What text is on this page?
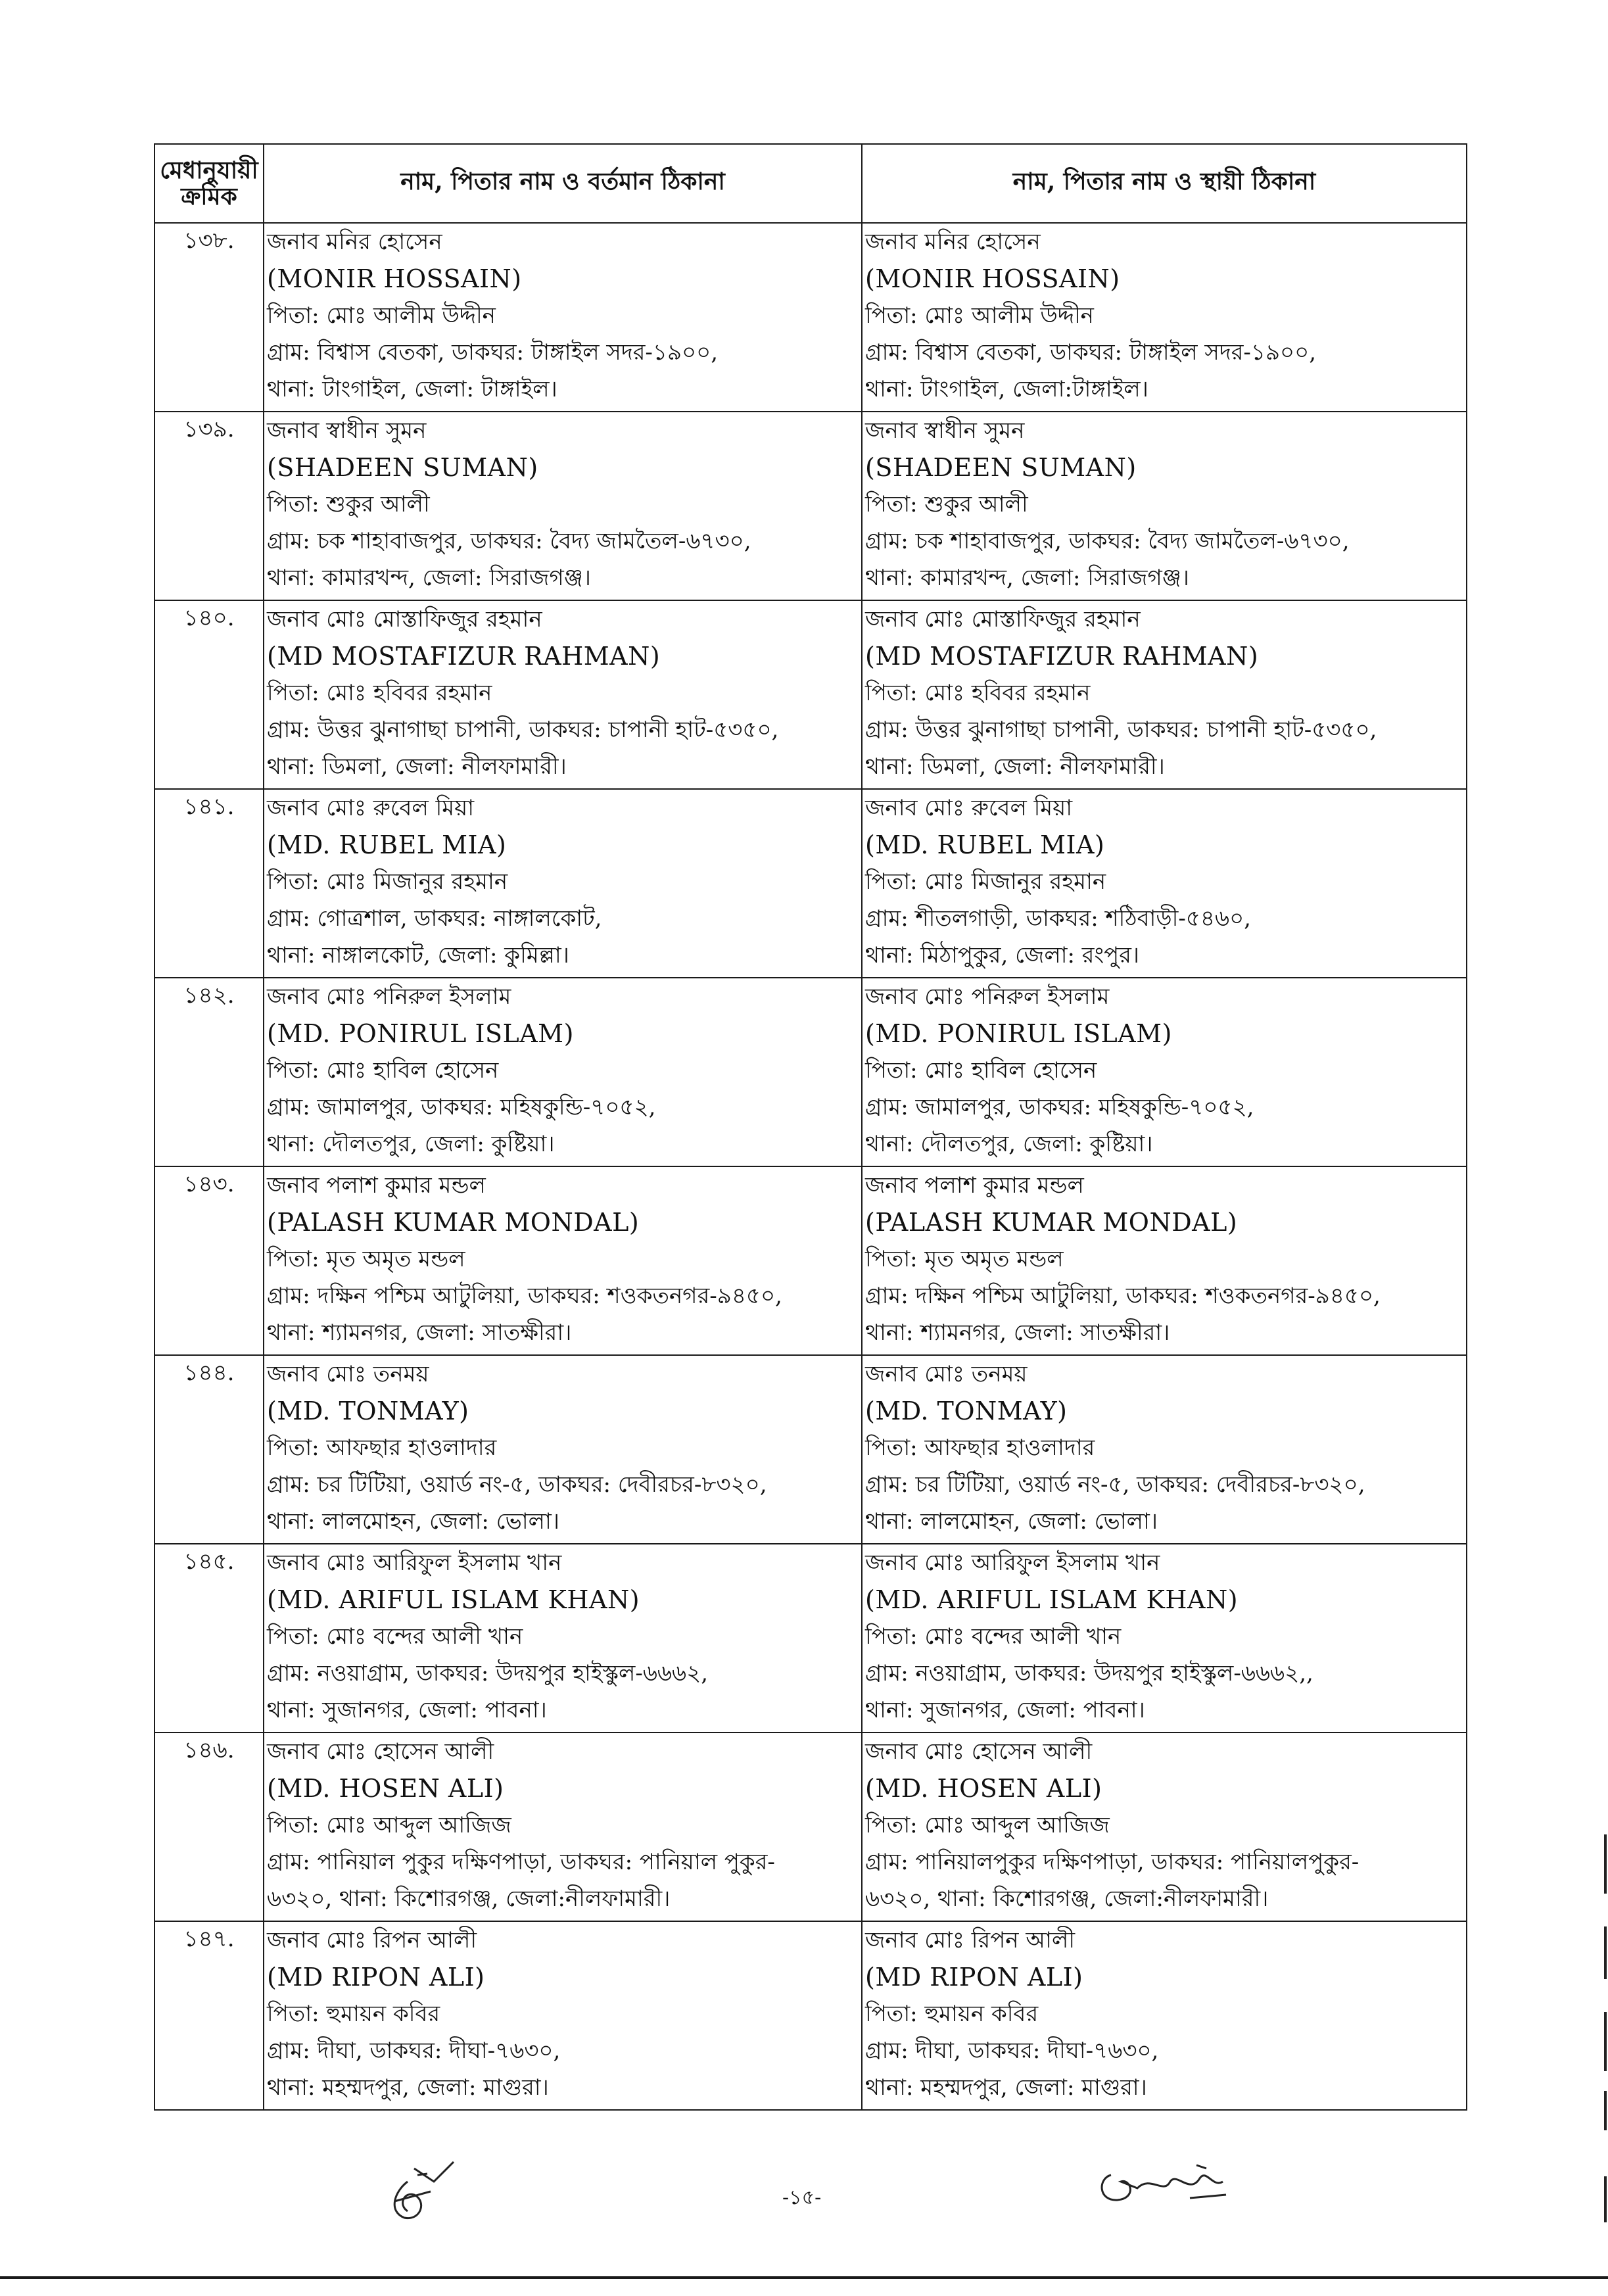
মেধানুযায়ী ক্রমিক	নাম, পিতার নাম ও বর্তমান ঠিকানা	নাম, পিতার নাম ও স্থায়ী ঠিকানা
১৩৮.	জনাব মনির হোসেন
(MONIR HOSSAIN)
পিতা: মোঃ আলীম উদ্দীন
গ্রাম: বিশ্বাস বেতকা, ডাকঘর: টাঙ্গাইল সদর-১৯০০,
থানা: টাংগাইল, জেলা: টাঙ্গাইল।	জনাব মনির হোসেন
(MONIR HOSSAIN)
পিতা: মোঃ আলীম উদ্দীন
গ্রাম: বিশ্বাস বেতকা, ডাকঘর: টাঙ্গাইল সদর-১৯০০,
থানা: টাংগাইল, জেলা:টাঙ্গাইল।

১৩৯.	জনাব স্বাধীন সুমন
(SHADEEN SUMAN)
পিতা: শুকুর আলী
গ্রাম: চক শাহাবাজপুর, ডাকঘর: বৈদ্য জামতৈল-৬৭৩০,
থানা: কামারখন্দ, জেলা: সিরাজগঞ্জ।	জনাব স্বাধীন সুমন
(SHADEEN SUMAN)
পিতা: শুকুর আলী
গ্রাম: চক শাহাবাজপুর, ডাকঘর: বৈদ্য জামতৈল-৬৭৩০,
থানা: কামারখন্দ, জেলা: সিরাজগঞ্জ।

১৪০.	জনাব মোঃ মোস্তাফিজুর রহমান
(MD MOSTAFIZUR RAHMAN)
পিতা: মোঃ হবিবর রহমান
গ্রাম: উত্তর ঝুনাগাছা চাপানী, ডাকঘর: চাপানী হাট-৫৩৫০,
থানা: ডিমলা, জেলা: নীলফামারী।	জনাব মোঃ মোস্তাফিজুর রহমান
(MD MOSTAFIZUR RAHMAN)
পিতা: মোঃ হবিবর রহমান
গ্রাম: উত্তর ঝুনাগাছা চাপানী, ডাকঘর: চাপানী হাট-৫৩৫০,
থানা: ডিমলা, জেলা: নীলফামারী।

১৪১.	জনাব মোঃ রুবেল মিয়া
(MD. RUBEL MIA)
পিতা: মোঃ মিজানুর রহমান
গ্রাম: গোত্রশাল, ডাকঘর: নাঙ্গালকোট,
থানা: নাঙ্গালকোট, জেলা: কুমিল্লা।	জনাব মোঃ রুবেল মিয়া
(MD. RUBEL MIA)
পিতা: মোঃ মিজানুর রহমান
গ্রাম: শীতলগাড়ী, ডাকঘর: শঠিবাড়ী-৫৪৬০,
থানা: মিঠাপুকুর, জেলা: রংপুর।

১৪২.	জনাব মোঃ পনিরুল ইসলাম
(MD. PONIRUL ISLAM)
পিতা: মোঃ হাবিল হোসেন
গ্রাম: জামালপুর, ডাকঘর: মহিষকুন্ডি-৭০৫২,
থানা: দৌলতপুর, জেলা: কুষ্টিয়া।	জনাব মোঃ পনিরুল ইসলাম
(MD. PONIRUL ISLAM)
পিতা: মোঃ হাবিল হোসেন
গ্রাম: জামালপুর, ডাকঘর: মহিষকুন্ডি-৭০৫২,
থানা: দৌলতপুর, জেলা: কুষ্টিয়া।

১৪৩.	জনাব পলাশ কুমার মন্ডল
(PALASH KUMAR MONDAL)
পিতা: মৃত অমৃত মন্ডল
গ্রাম: দক্ষিন পশ্চিম আটুলিয়া, ডাকঘর: শওকতনগর-৯৪৫০,
থানা: শ্যামনগর, জেলা: সাতক্ষীরা।	জনাব পলাশ কুমার মন্ডল
(PALASH KUMAR MONDAL)
পিতা: মৃত অমৃত মন্ডল
গ্রাম: দক্ষিন পশ্চিম আটুলিয়া, ডাকঘর: শওকতনগর-৯৪৫০,
থানা: শ্যামনগর, জেলা: সাতক্ষীরা।

১৪৪.	জনাব মোঃ তনময়
(MD. TONMAY)
পিতা: আফছার হাওলাদার
গ্রাম: চর টিটিয়া, ওয়ার্ড নং-৫, ডাকঘর: দেবীরচর-৮৩২০,
থানা: লালমোহন, জেলা: ভোলা।	জনাব মোঃ তনময়
(MD. TONMAY)
পিতা: আফছার হাওলাদার
গ্রাম: চর টিটিয়া, ওয়ার্ড নং-৫, ডাকঘর: দেবীরচর-৮৩২০,
থানা: লালমোহন, জেলা: ভোলা।

১৪৫.	জনাব মোঃ আরিফুল ইসলাম খান
(MD. ARIFUL ISLAM KHAN)
পিতা: মোঃ বন্দের আলী খান
গ্রাম: নওয়াগ্রাম, ডাকঘর: উদয়পুর হাইস্কুল-৬৬৬২,
থানা: সুজানগর, জেলা: পাবনা।	জনাব মোঃ আরিফুল ইসলাম খান
(MD. ARIFUL ISLAM KHAN)
পিতা: মোঃ বন্দের আলী খান
গ্রাম: নওয়াগ্রাম, ডাকঘর: উদয়পুর হাইস্কুল-৬৬৬২,,
থানা: সুজানগর, জেলা: পাবনা।

১৪৬.	জনাব মোঃ হোসেন আলী
(MD. HOSEN ALI)
পিতা: মোঃ আব্দুল আজিজ
গ্রাম: পানিয়াল পুকুর দক্ষিণপাড়া, ডাকঘর: পানিয়াল পুকুর-
৬৩২০, থানা: কিশোরগঞ্জ, জেলা:নীলফামারী।	জনাব মোঃ হোসেন আলী
(MD. HOSEN ALI)
পিতা: মোঃ আব্দুল আজিজ
গ্রাম: পানিয়ালপুকুর দক্ষিণপাড়া, ডাকঘর: পানিয়ালপুকুর-
৬৩২০, থানা: কিশোরগঞ্জ, জেলা:নীলফামারী।

১৪৭.	জনাব মোঃ রিপন আলী
(MD RIPON ALI)
পিতা: হুমায়ন কবির
গ্রাম: দীঘা, ডাকঘর: দীঘা-৭৬৩০,
থানা: মহম্মদপুর, জেলা: মাগুরা।	জনাব মোঃ রিপন আলী
(MD RIPON ALI)
পিতা: হুমায়ন কবির
গ্রাম: দীঘা, ডাকঘর: দীঘা-৭৬৩০,
থানা: মহম্মদপুর, জেলা: মাগুরা।
-১৫-
